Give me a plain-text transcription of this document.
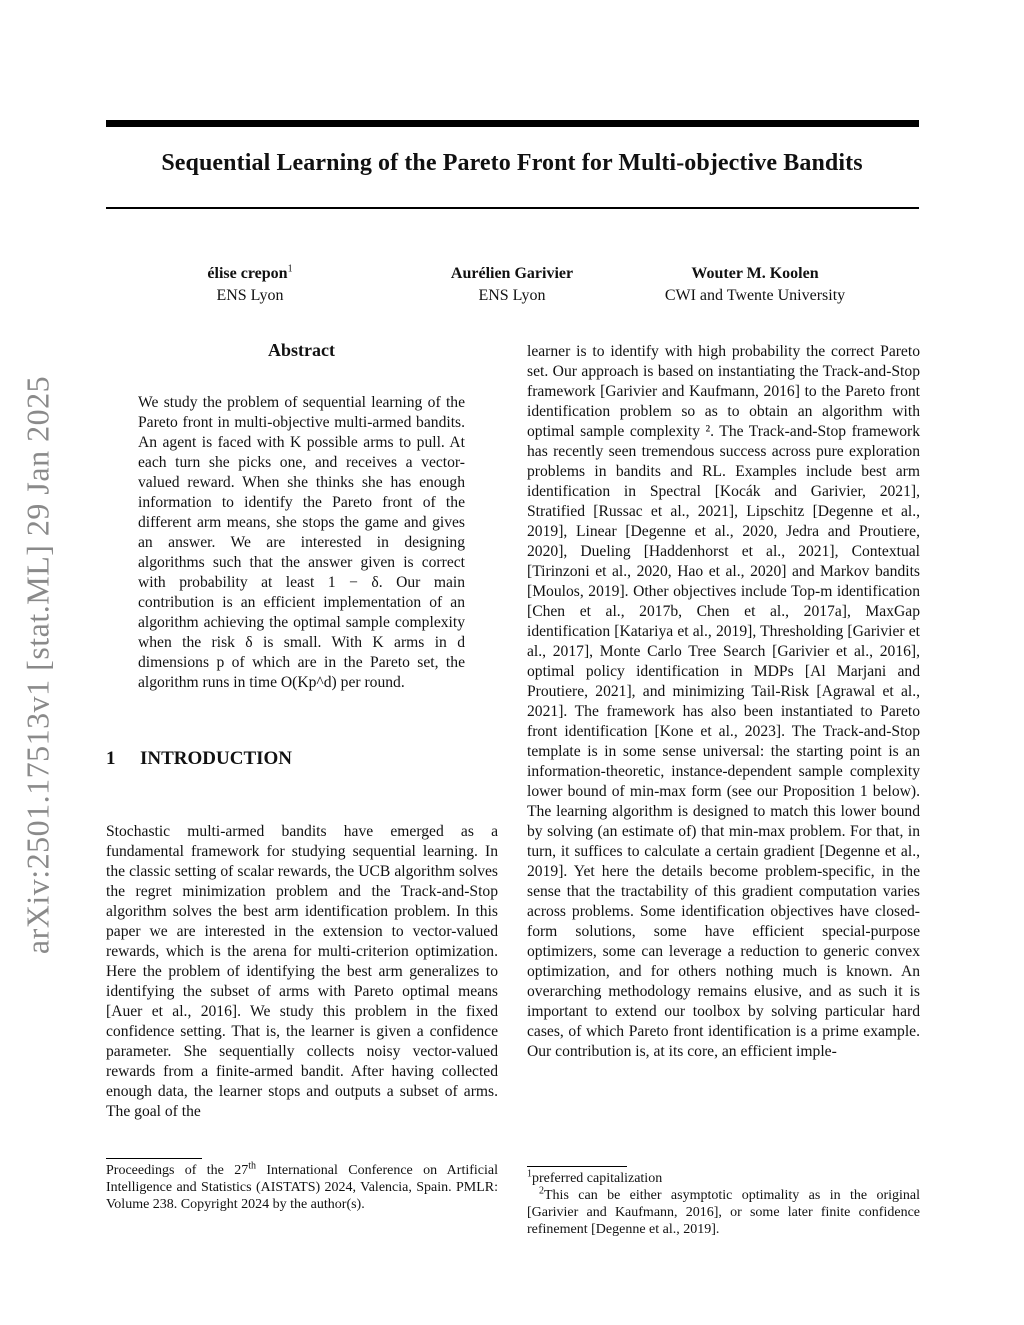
arXiv:2501.17513v1 [stat.ML] 29 Jan 2025
Sequential Learning of the Pareto Front for Multi-objective Bandits
élise crepon$^1$
ENS Lyon
Aurélien Garivier
ENS Lyon
Wouter M. Koolen
CWI and Twente University
Abstract

We study the problem of sequential learning of the Pareto front in multi-objective multi-armed bandits. An agent is faced with K possible arms to pull. At each turn she picks one, and receives a vector-valued reward. When she thinks she has enough information to identify the Pareto front of the different arm means, she stops the game and gives an answer. We are interested in designing algorithms such that the answer given is correct with probability at least 1 − δ. Our main contribution is an efficient implementation of an algorithm achieving the optimal sample complexity when the risk δ is small. With K arms in d dimensions p of which are in the Pareto set, the algorithm runs in time O(Kp^d) per round.

1 INTRODUCTION

Stochastic multi-armed bandits have emerged as a fundamental framework for studying sequential learning. In the classic setting of scalar rewards, the UCB algorithm solves the regret minimization problem and the Track-and-Stop algorithm solves the best arm identification problem. In this paper we are interested in the extension to vector-valued rewards, which is the arena for multi-criterion optimization. Here the problem of identifying the best arm generalizes to identifying the subset of arms with Pareto optimal means [Auer et al., 2016]. We study this problem in the fixed confidence setting. That is, the learner is given a confidence parameter. She sequentially collects noisy vector-valued rewards from a finite-armed bandit. After having collected enough data, the learner stops and outputs a subset of arms. The goal of the

learner is to identify with high probability the correct Pareto set. Our approach is based on instantiating the Track-and-Stop framework [Garivier and Kaufmann, 2016] to the Pareto front identification problem so as to obtain an algorithm with optimal sample complexity ². The Track-and-Stop framework has recently seen tremendous success across pure exploration problems in bandits and RL. Examples include best arm identification in Spectral [Kocák and Garivier, 2021], Stratified [Russac et al., 2021], Lipschitz [Degenne et al., 2019], Linear [Degenne et al., 2020, Jedra and Proutiere, 2020], Dueling [Haddenhorst et al., 2021], Contextual [Tirinzoni et al., 2020, Hao et al., 2020] and Markov bandits [Moulos, 2019]. Other objectives include Top-m identification [Chen et al., 2017b, Chen et al., 2017a], MaxGap identification [Katariya et al., 2019], Thresholding [Garivier et al., 2017], Monte Carlo Tree Search [Garivier et al., 2016], optimal policy identification in MDPs [Al Marjani and Proutiere, 2021], and minimizing Tail-Risk [Agrawal et al., 2021]. The framework has also been instantiated to Pareto front identification [Kone et al., 2023]. The Track-and-Stop template is in some sense universal: the starting point is an information-theoretic, instance-dependent sample complexity lower bound of min-max form (see our Proposition 1 below). The learning algorithm is designed to match this lower bound by solving (an estimate of) that min-max problem. For that, in turn, it suffices to calculate a certain gradient [Degenne et al., 2019]. Yet here the details become problem-specific, in the sense that the tractability of this gradient computation varies across problems. Some identification objectives have closed-form solutions, some have efficient special-purpose optimizers, some can leverage a reduction to generic convex optimization, and for others nothing much is known. An overarching methodology remains elusive, and as such it is important to extend our toolbox by solving particular hard cases, of which Pareto front identification is a prime example. Our contribution is, at its core, an efficient imple-

Proceedings of the 27th International Conference on Artificial Intelligence and Statistics (AISTATS) 2024, Valencia, Spain. PMLR: Volume 238. Copyright 2024 by the author(s).

$^1$preferred capitalization

$^2$This can be either asymptotic optimality as in the original [Garivier and Kaufmann, 2016], or some later finite confidence refinement [Degenne et al., 2019].
